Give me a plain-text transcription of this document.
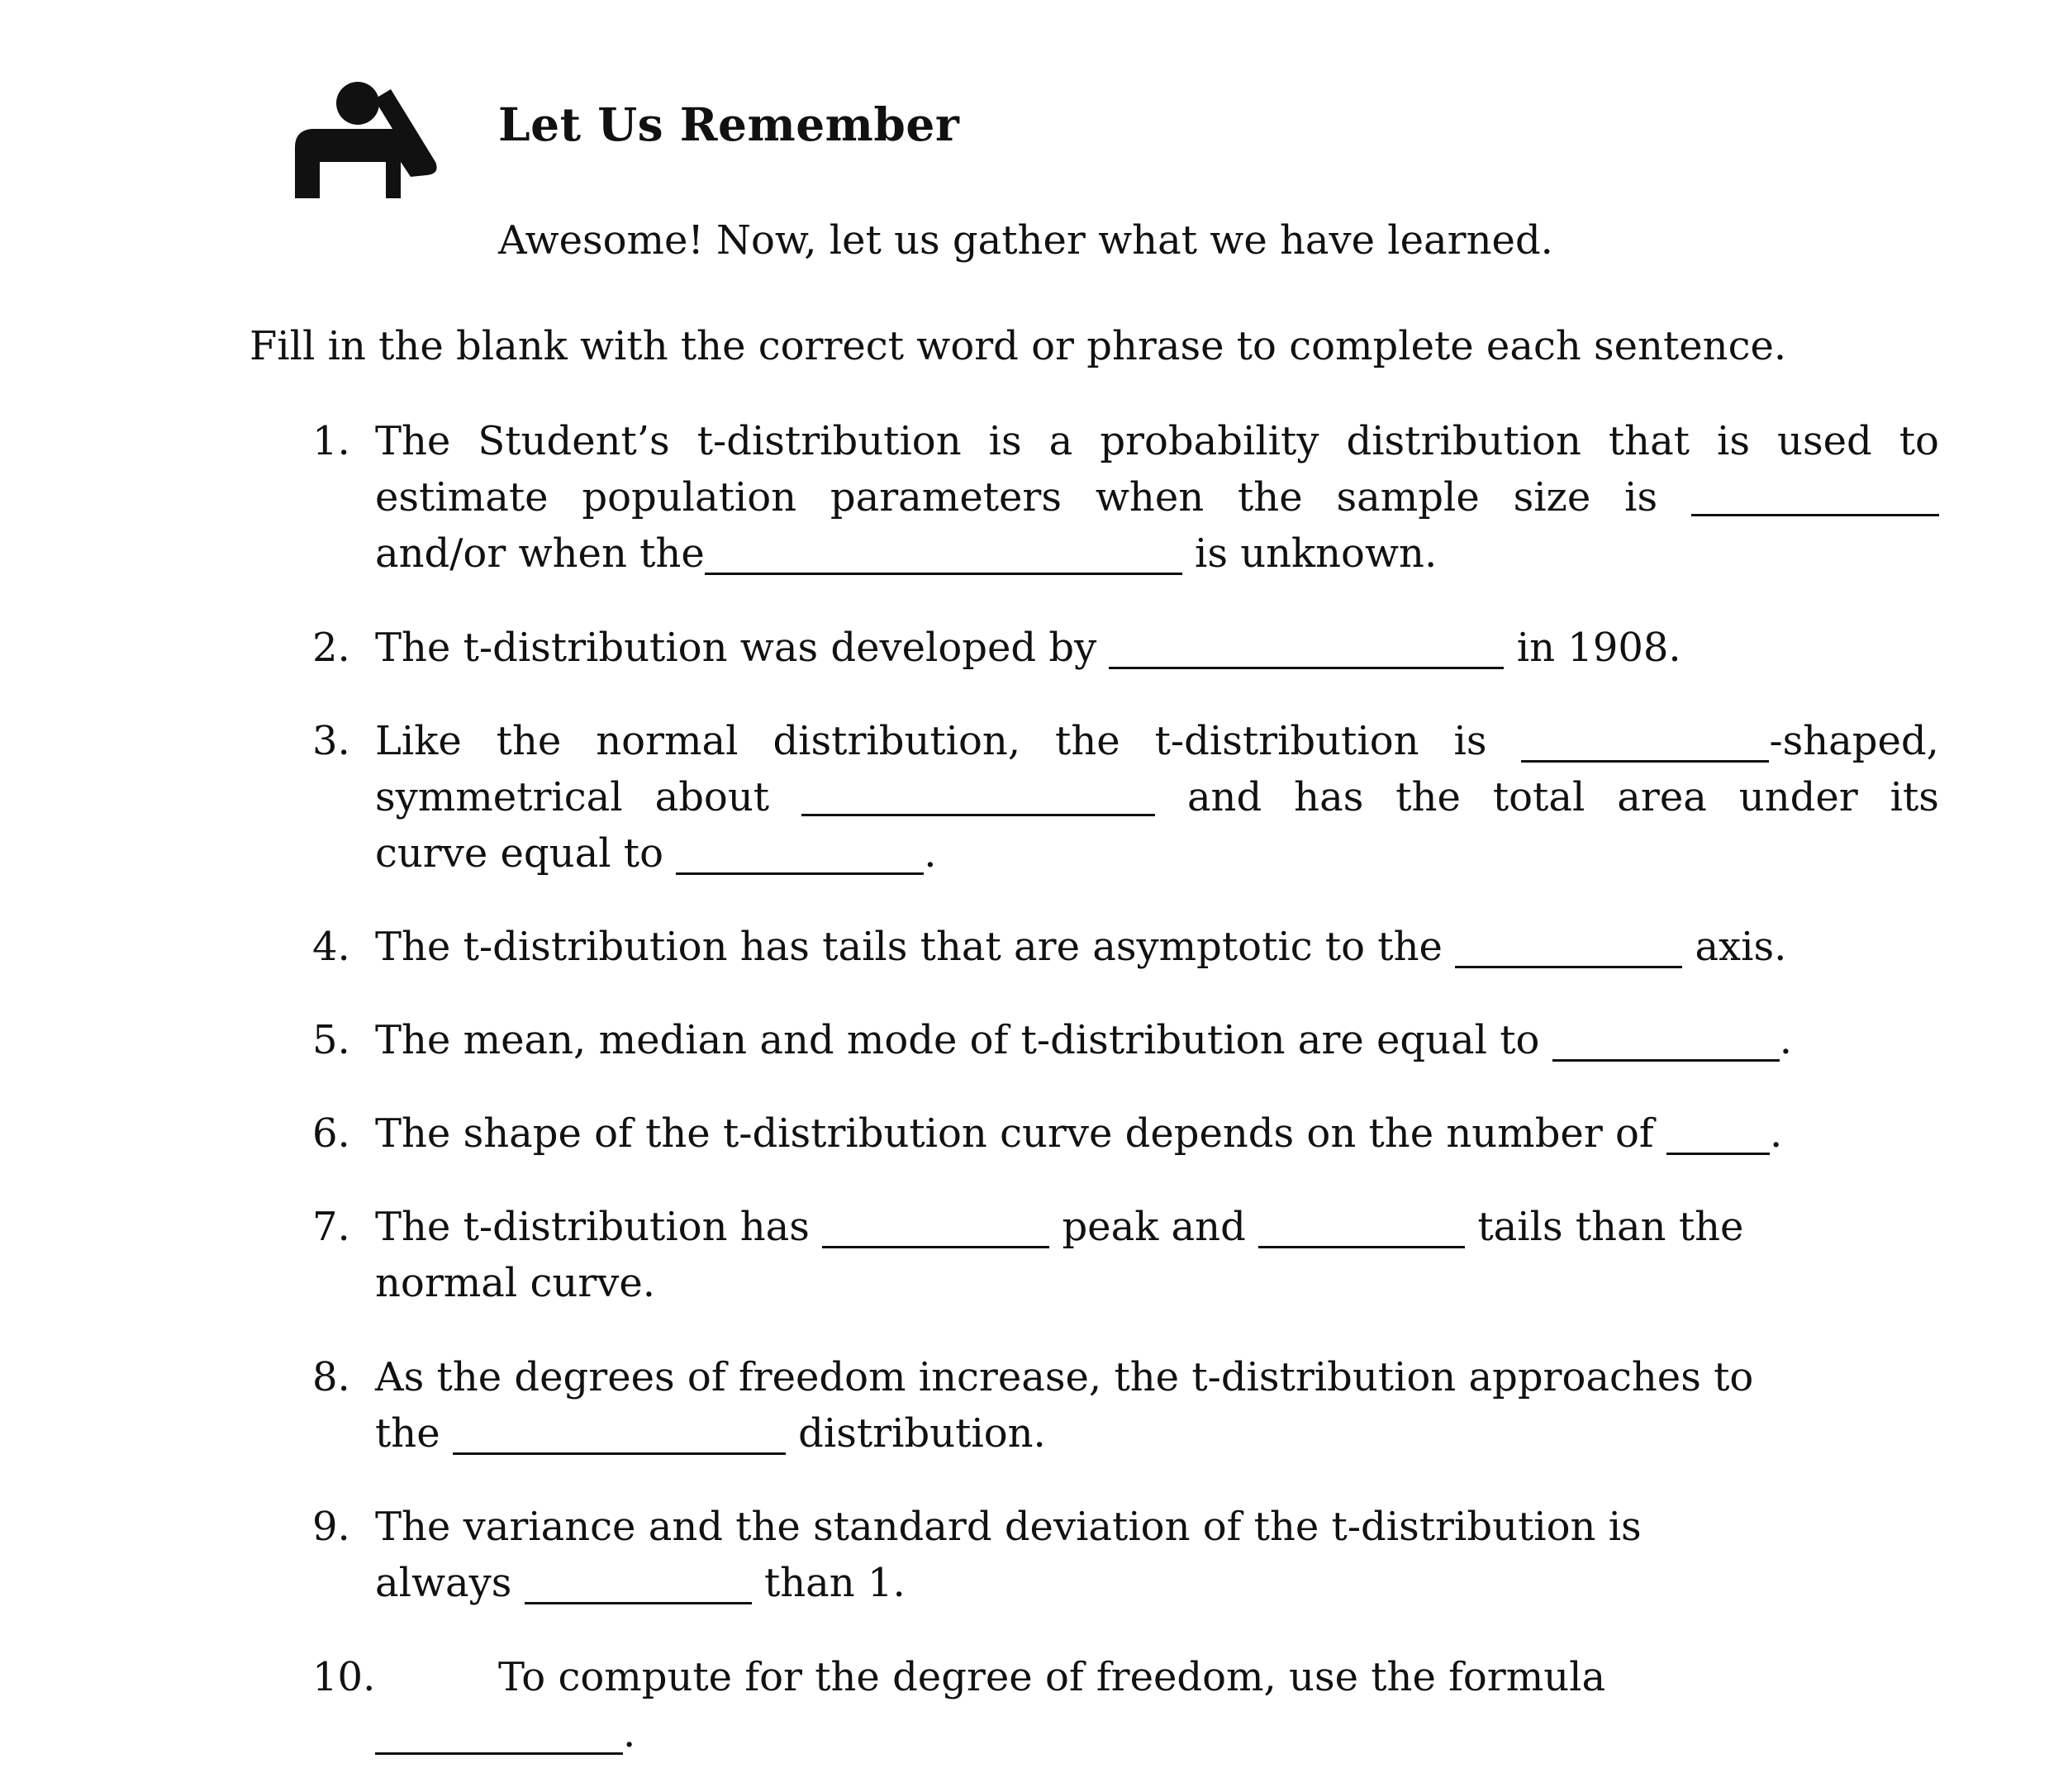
Let Us Remember
Awesome! Now, let us gather what we have learned.
Fill in the blank with the correct word or phrase to complete each sentence.
1. The Student’s t-distribution is a probability distribution that is used to
estimate population parameters when the sample size is
and/or when the	is unknown.
2. The t-distribution was developed by	in 1908.
3. Like the normal distribution, the t-distribution is	-shaped,
symmetrical about	and has the total area under its
curve equal to	.
4. The t-distribution has tails that are asymptotic to the	axis.
5. The mean, median and mode of t-distribution are equal to	.
6. The shape of the t-distribution curve depends on the number of	.
7. The t-distribution has	peak and	tails than the
normal curve.
8. As the degrees of freedom increase, the t-distribution approaches to
the	distribution.
9. The variance and the standard deviation of the t-distribution is
always	than 1.
10.	To compute for the degree of freedom, use the formula
.
